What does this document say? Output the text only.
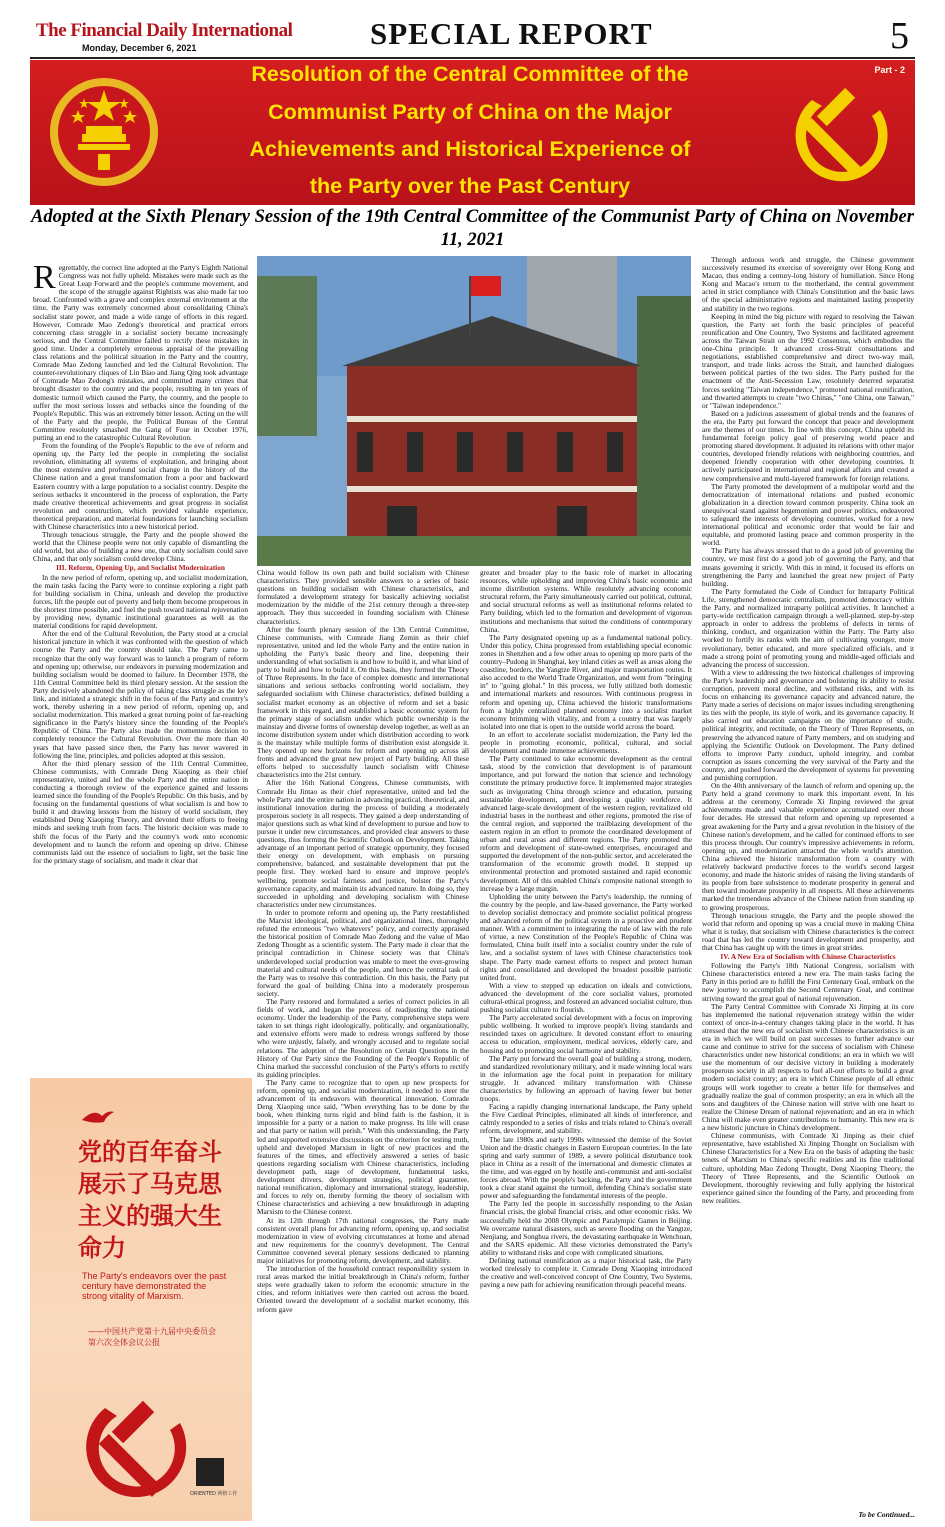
The Financial Daily International
Monday, December 6, 2021	SPECIAL REPORT	5
Part - 2
Resolution of the Central Committee of the
Communist Party of China on the Major
Achievements and Historical Experience of
the Party over the Past Century
Adopted at the Sixth Plenary Session of the 19th Central Committee of the Communist Party of China on November 11, 2021

Regrettably, the correct line adopted at the Party's Eighth National Congress was not fully upheld. Mistakes were made such as the Great Leap Forward and the people's commune movement, and the scope of the struggle against Rightists was also made far too broad. Confronted with a grave and complex external environment at the time, the Party was extremely concerned about consolidating China's socialist state power, and made a wide range of efforts in this regard. However, Comrade Mao Zedong's theoretical and practical errors concerning class struggle in a socialist society became increasingly serious, and the Central Committee failed to rectify these mistakes in good time. Under a completely erroneous appraisal of the prevailing class relations and the political situation in the Party and the country, Comrade Mao Zedong launched and led the Cultural Revolution. The counter-revolutionary cliques of Lin Biao and Jiang Qing took advantage of Comrade Mao Zedong's mistakes, and committed many crimes that brought disaster to the country and the people, resulting in ten years of domestic turmoil which caused the Party, the country, and the people to suffer the most serious losses and setbacks since the founding of the People's Republic. This was an extremely bitter lesson. Acting on the will of the Party and the people, the Political Bureau of the Central Committee resolutely smashed the Gang of Four in October 1976, putting an end to the catastrophic Cultural Revolution.

From the founding of the People's Republic to the eve of reform and opening up, the Party led the people in completing the socialist revolution, eliminating all systems of exploitation, and bringing about the most extensive and profound social change in the history of the Chinese nation and a great transformation from a poor and backward Eastern country with a large population to a socialist country. Despite the serious setbacks it encountered in the process of exploration, the Party made creative theoretical achievements and great progress in socialist revolution and construction, which provided valuable experience, theoretical preparation, and material foundations for launching socialism with Chinese characteristics into a new historical period.

Through tenacious struggle, the Party and the people showed the world that the Chinese people were not only capable of dismantling the old world, but also of building a new one, that only socialism could save China, and that only socialism could develop China.

III. Reform, Opening Up, and Socialist Modernization

In the new period of reform, opening up, and socialist modernization, the main tasks facing the Party were to continue exploring a right path for building socialism in China, unleash and develop the productive forces, lift the people out of poverty and help them become prosperous in the shortest time possible, and fuel the push toward national rejuvenation by providing new, dynamic institutional guarantees as well as the material conditions for rapid development.

After the end of the Cultural Revolution, the Party stood at a crucial historical juncture in which it was confronted with the question of which course the Party and the country should take. The Party came to recognize that the only way forward was to launch a program of reform and opening up; otherwise, our endeavors in pursuing modernization and building socialism would be doomed to failure. In December 1978, the 11th Central Committee held its third plenary session. At the session the Party decisively abandoned the policy of taking class struggle as the key link, and initiated a strategic shift in the focus of the Party and country's work, thereby ushering in a new period of reform, opening up, and socialist modernization. This marked a great turning point of far-reaching significance in the Party's history since the founding of the People's Republic of China. The Party also made the momentous decision to completely renounce the Cultural Revolution. Over the more than 40 years that have passed since then, the Party has never wavered in following the line, principles, and policies adopted at this session.

After the third plenary session of the 11th Central Committee, Chinese communists, with Comrade Deng Xiaoping as their chief representative, united and led the whole Party and the entire nation in conducting a thorough review of the experience gained and lessons learned since the founding of the People's Republic. On this basis, and by focusing on the fundamental questions of what socialism is and how to build it and drawing lessons from the history of world socialism, they established Deng Xiaoping Theory, and devoted their efforts to freeing minds and seeking truth from facts. The historic decision was made to shift the focus of the Party and the country's work onto economic development and to launch the reform and opening up drive. Chinese communists laid out the essence of socialism to light, set the basic line for the primary stage of socialism, and made it clear that

党的百年奋斗
展示了马克思
主义的强大生
命力
The Party's endeavors over the past century have demonstrated the strong vitality of Marxism.
——中国共产党第十九届中央委员会
第六次全体会议公报
ORIENTED 网格工作

China would follow its own path and build socialism with Chinese characteristics. They provided sensible answers to a series of basic questions on building socialism with Chinese characteristics, and formulated a development strategy for basically achieving socialist modernization by the middle of the 21st century through a three-step approach. They thus succeeded in founding socialism with Chinese characteristics.

After the fourth plenary session of the 13th Central Committee, Chinese communists, with Comrade Jiang Zemin as their chief representative, united and led the whole Party and the entire nation in upholding the Party's basic theory and line, deepening their understanding of what socialism is and how to build it, and what kind of party to build and how to build it. On this basis, they formed the Theory of Three Represents. In the face of complex domestic and international situations and serious setbacks confronting world socialism, they safeguarded socialism with Chinese characteristics, defined building a socialist market economy as an objective of reform and set a basic framework in this regard, and established a basic economic system for the primary stage of socialism under which public ownership is the mainstay and diverse forms of ownership develop together, as well as an income distribution system under which distribution according to work is the mainstay while multiple forms of distribution exist alongside it. They opened up new horizons for reform and opening up across all fronts and advanced the great new project of Party building. All these efforts helped to successfully launch socialism with Chinese characteristics into the 21st century.

After the 16th National Congress, Chinese communists, with Comrade Hu Jintao as their chief representative, united and led the whole Party and the entire nation in advancing practical, theoretical, and institutional innovation during the process of building a moderately prosperous society in all respects. They gained a deep understanding of major questions such as what kind of development to pursue and how to pursue it under new circumstances, and provided clear answers to these questions, thus forming the Scientific Outlook on Development. Taking advantage of an important period of strategic opportunity, they focused their energy on development, with emphasis on pursuing comprehensive, balanced, and sustainable development that put the people first. They worked hard to ensure and improve people's wellbeing, promote social fairness and justice, bolster the Party's governance capacity, and maintain its advanced nature. In doing so, they succeeded in upholding and developing socialism with Chinese characteristics under new circumstances.

In order to promote reform and opening up, the Party reestablished the Marxist ideological, political, and organizational lines, thoroughly refuted the erroneous "two whatevers" policy, and correctly appraised the historical position of Comrade Mao Zedong and the value of Mao Zedong Thought as a scientific system. The Party made it clear that the principal contradiction in Chinese society was that China's underdeveloped social production was unable to meet the ever-growing material and cultural needs of the people, and hence the central task of the Party was to resolve this contradiction. On this basis, the Party put forward the goal of building China into a moderately prosperous society.

The Party restored and formulated a series of correct policies in all fields of work, and began the process of readjusting the national economy. Under the leadership of the Party, comprehensive steps were taken to set things right ideologically, politically, and organizationally, and extensive efforts were made to redress wrongs suffered by those who were unjustly, falsely, and wrongly accused and to regulate social relations. The adoption of the Resolution on Certain Questions in the History of Our Party since the Founding of the People's Republic of China marked the successful conclusion of the Party's efforts to rectify its guiding principles.

The Party came to recognize that to open up new prospects for reform, opening up, and socialist modernization, it needed to steer the advancement of its endeavors with theoretical innovation. Comrade Deng Xiaoping once said, "When everything has to be done by the book, when thinking turns rigid and blind faith is the fashion, it is impossible for a party or a nation to make progress. Its life will cease and that party or nation will perish." With this understanding, the Party led and supported extensive discussions on the criterion for testing truth, upheld and developed Marxism in light of new practices and the features of the times, and effectively answered a series of basic questions regarding socialism with Chinese characteristics, including development path, stage of development, fundamental tasks, development drivers, development strategies, political guarantee, national reunification, diplomacy and international strategy, leadership, and forces to rely on, thereby forming the theory of socialism with Chinese characteristics and achieving a new breakthrough in adapting Marxism to the Chinese context.

At its 12th through 17th national congresses, the Party made consistent overall plans for advancing reform, opening up, and socialist modernization in view of evolving circumstances at home and abroad and new requirements for the country's development. The Central Committee convened several plenary sessions dedicated to planning major initiatives for promoting reform, development, and stability.

The introduction of the household contract responsibility system in rural areas marked the initial breakthrough in China's reform, further steps were gradually taken to reform the economic structure in the cities, and reform initiatives were then carried out across the board. Oriented toward the development of a socialist market economy, this reform gave

greater and broader play to the basic role of market in allocating resources, while upholding and improving China's basic economic and income distribution systems. While resolutely advancing economic structural reform, the Party simultaneously carried out political, cultural, and social structural reforms as well as institutional reforms related to Party building, which led to the formation and development of vigorous institutions and mechanisms that suited the conditions of contemporary China.

The Party designated opening up as a fundamental national policy. Under this policy, China progressed from establishing special economic zones in Shenzhen and a few other areas to opening up more parts of the country–Pudong in Shanghai, key inland cities as well as areas along the coastline, borders, the Yangtze River, and major transportation routes. It also acceded to the World Trade Organization, and went from "bringing in" to "going global." In this process, we fully utilized both domestic and international markets and resources. With continuous progress in reform and opening up, China achieved the historic transformations from a highly centralized planned economy into a socialist market economy brimming with vitality, and from a country that was largely isolated into one that is open to the outside world across the board.

In an effort to accelerate socialist modernization, the Party led the people in promoting economic, political, cultural, and social development and made immense achievements.

The Party continued to take economic development as the central task, stood by the conviction that development is of paramount importance, and put forward the notion that science and technology constitute the primary productive force. It implemented major strategies such as invigorating China through science and education, pursuing sustainable development, and developing a quality workforce. It advanced large-scale development of the western region, revitalized old industrial bases in the northeast and other regions, promoted the rise of the central region, and supported the trailblazing development of the eastern region in an effort to promote the coordinated development of urban and rural areas and different regions. The Party promoted the reform and development of state-owned enterprises, encouraged and supported the development of the non-public sector, and accelerated the transformation of the economic growth model. It stepped up environmental protection and promoted sustained and rapid economic development. All of this enabled China's composite national strength to increase by a large margin.

Upholding the unity between the Party's leadership, the running of the country by the people, and law-based governance, the Party worked to develop socialist democracy and promote socialist political progress and advanced reform of the political system in a proactive and prudent manner. With a commitment to integrating the rule of law with the rule of virtue, a new Constitution of the People's Republic of China was formulated, China built itself into a socialist country under the rule of law, and a socialist system of laws with Chinese characteristics took shape. The Party made earnest efforts to respect and protect human rights and consolidated and developed the broadest possible patriotic united front.

With a view to stepped up education on ideals and convictions, advanced the development of the core socialist values, promoted cultural-ethical progress, and fostered an advanced socialist culture, thus pushing socialist culture to flourish.

The Party accelerated social development with a focus on improving public wellbeing. It worked to improve people's living standards and rescinded taxes on agriculture. It devoted constant effort to ensuring access to education, employment, medical services, elderly care, and housing and to promoting social harmony and stability.

The Party put forward the overall goal of building a strong, modern, and standardized revolutionary military, and it made winning local wars in the information age the focal point in preparation for military struggle. It advanced military transformation with Chinese characteristics by following an approach of having fewer but better troops.

Facing a rapidly changing international landscape, the Party upheld the Five Cardinal Principles, eliminated all kinds of interference, and calmly responded to a series of risks and trials related to China's overall reform, development, and stability.

The late 1980s and early 1990s witnessed the demise of the Soviet Union and the drastic changes in Eastern European countries. In the late spring and early summer of 1989, a severe political disturbance took place in China as a result of the international and domestic climates at the time, and was egged on by hostile anti-communist and anti-socialist forces abroad. With the people's backing, the Party and the government took a clear stand against the turmoil, defending China's socialist state power and safeguarding the fundamental interests of the people.

The Party led the people in successfully responding to the Asian financial crisis, the global financial crisis, and other economic risks. We successfully held the 2008 Olympic and Paralympic Games in Beijing. We overcame natural disasters, such as severe flooding on the Yangtze, Nenjiang, and Songhua rivers, the devastating earthquake in Wenchuan, and the SARS epidemic. All these victories demonstrated the Party's ability to withstand risks and cope with complicated situations.

Defining national reunification as a major historical task, the Party worked tirelessly to complete it. Comrade Deng Xiaoping introduced the creative and well-conceived concept of One Country, Two Systems, paving a new path for achieving reunification through peaceful means.

Through arduous work and struggle, the Chinese government successively resumed its exercise of sovereignty over Hong Kong and Macao, thus ending a century-long history of humiliation. Since Hong Kong and Macao's return to the motherland, the central government acted in strict compliance with China's Constitution and the basic laws of the special administrative regions and maintained lasting prosperity and stability in the two regions.

Keeping in mind the big picture with regard to resolving the Taiwan question, the Party set forth the basic principles of peaceful reunification and One Country, Two Systems and facilitated agreement across the Taiwan Strait on the 1992 Consensus, which embodies the one-China principle. It advanced cross-Strait consultations and negotiations, established comprehensive and direct two-way mail, transport, and trade links across the Strait, and launched dialogues between political parties of the two sides. The Party pushed for the enactment of the Anti-Secession Law, resolutely deterred separatist forces seeking "Taiwan independence," promoted national reunification, and thwarted attempts to create "two Chinas," "one China, one Taiwan," or "Taiwan independence."

Based on a judicious assessment of global trends and the features of the era, the Party put forward the concept that peace and development are the themes of our times. In line with this concept, China upheld its fundamental foreign policy goal of preserving world peace and promoting shared development. It adjusted its relations with other major countries, developed friendly relations with neighboring countries, and deepened friendly cooperation with other developing countries. It actively participated in international and regional affairs and created a new comprehensive and multi-layered framework for foreign relations.

The Party promoted the development of a multipolar world and the democratization of international relations and pushed economic globalization in a direction toward common prosperity. China took an unequivocal stand against hegemonism and power politics, endeavored to safeguard the interests of developing countries, worked for a new international political and economic order that would be fair and equitable, and promoted lasting peace and common prosperity in the world.

The Party has always stressed that to do a good job of governing the country, we must first do a good job of governing the Party, and that means governing it strictly. With this in mind, it focused its efforts on strengthening the Party and launched the great new project of Party building.

The Party formulated the Code of Conduct for Intraparty Political Life, strengthened democratic centralism, promoted democracy within the Party, and normalized intraparty political activities. It launched a party-wide rectification campaign through a well-planned, step-by-step approach in order to address the problems of defects in terms of thinking, conduct, and organization within the Party. The Party also worked to fortify its ranks with the aim of cultivating younger, more revolutionary, better educated, and more specialized officials, and it made a strong point of promoting young and middle-aged officials and advancing the process of succession.

With a view to addressing the two historical challenges of improving the Party's leadership and governance and bolstering its ability to resist corruption, prevent moral decline, and withstand risks, and with its focus on enhancing its governance capacity and advanced nature, the Party made a series of decisions on major issues including strengthening its ties with the people, its style of work, and its governance capacity. It also carried out education campaigns on the importance of study, political integrity, and rectitude, on the Theory of Three Represents, on preserving the advanced nature of Party members, and on studying and applying the Scientific Outlook on Development. The Party defined efforts to improve Party conduct, uphold integrity, and combat corruption as issues concerning the very survival of the Party and the country, and pushed forward the development of systems for preventing and punishing corruption.

On the 40th anniversary of the launch of reform and opening up, the Party held a grand ceremony to mark this important event. In his address at the ceremony, Comrade Xi Jinping reviewed the great achievements made and valuable experience accumulated over those four decades. He stressed that reform and opening up represented a great awakening for the Party and a great revolution in the history of the Chinese nation's development, and he called for continued efforts to see this process through. Our country's impressive achievements in reform, opening up, and modernization attracted the whole world's attention. China achieved the historic transformation from a country with relatively backward productive forces to the world's second largest economy, and made the historic strides of raising the living standards of its people from bare subsistence to moderate prosperity in general and then toward moderate prosperity in all respects. All these achievements marked the tremendous advance of the Chinese nation from standing up to growing prosperous.

Through tenacious struggle, the Party and the people showed the world that reform and opening up was a crucial move in making China what it is today, that socialism with Chinese characteristics is the correct road that has led the country toward development and prosperity, and that China has caught up with the times in great strides.

IV. A New Era of Socialism with Chinese Characteristics

Following the Party's 18th National Congress, socialism with Chinese characteristics entered a new era. The main tasks facing the Party in this period are to fulfill the First Centenary Goal, embark on the new journey to accomplish the Second Centenary Goal, and continue striving toward the great goal of national rejuvenation.

The Party Central Committee with Comrade Xi Jinping at its core has implemented the national rejuvenation strategy within the wider context of once-in-a-century changes taking place in the world. It has stressed that the new era of socialism with Chinese characteristics is an era in which we will build on past successes to further advance our cause and continue to strive for the success of socialism with Chinese characteristics under new historical conditions; an era in which we will use the momentum of our decisive victory in building a moderately prosperous society in all respects to fuel all-out efforts to build a great modern socialist country; an era in which Chinese people of all ethnic groups will work together to create a better life for themselves and gradually realize the goal of common prosperity; an era in which all the sons and daughters of the Chinese nation will strive with one heart to realize the Chinese Dream of national rejuvenation; and an era in which China will make even greater contributions to humanity. This new era is a new historic juncture in China's development.

Chinese communists, with Comrade Xi Jinping as their chief representative, have established Xi Jinping Thought on Socialism with Chinese Characteristics for a New Era on the basis of adapting the basic tenets of Marxism to China's specific realities and its fine traditional culture, upholding Mao Zedong Thought, Deng Xiaoping Theory, the Theory of Three Represents, and the Scientific Outlook on Development, thoroughly reviewing and fully applying the historical experience gained since the founding of the Party, and proceeding from new realities.

To be Continued...
